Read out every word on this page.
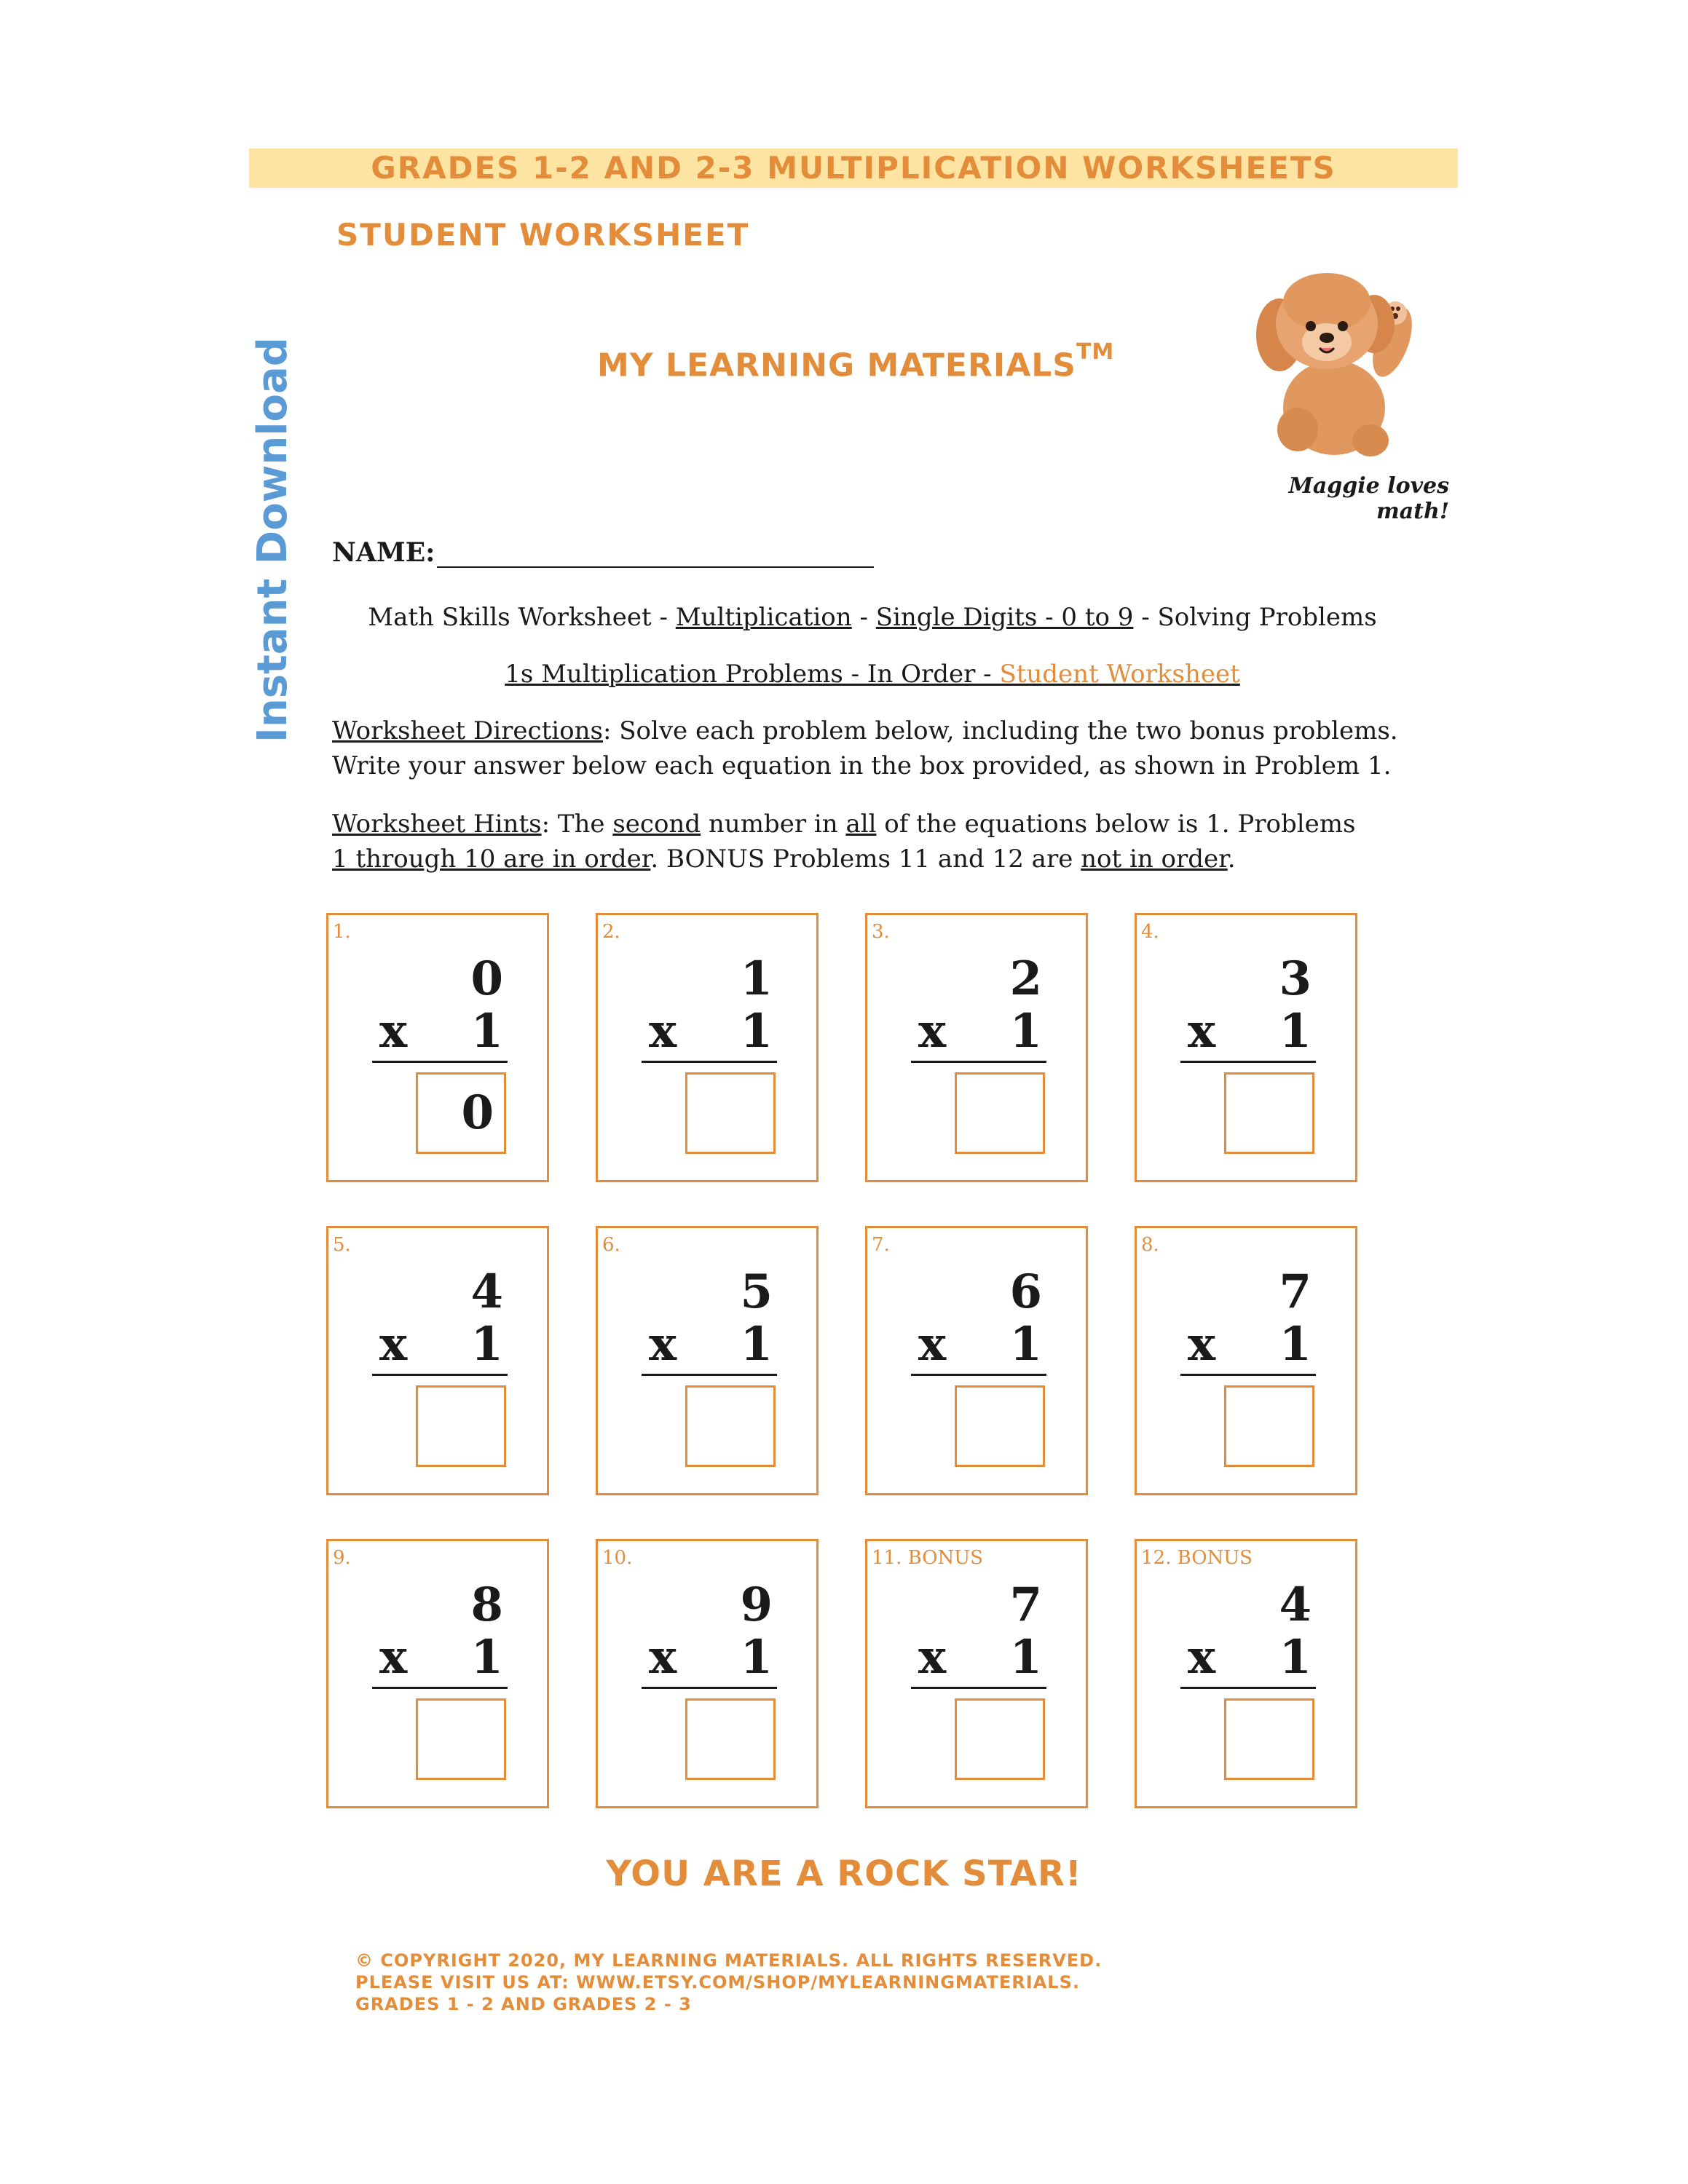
GRADES 1-2 AND 2-3 MULTIPLICATION WORKSHEETS
STUDENT WORKSHEET
MY LEARNING MATERIALS™
Instant Download	Maggie loves math!
NAME:
Math Skills Worksheet - Multiplication - Single Digits - 0 to 9 - Solving Problems
1s Multiplication Problems - In Order - Student Worksheet
Worksheet Directions: Solve each problem below, including the two bonus problems.
Write your answer below each equation in the box provided, as shown in Problem 1.
Worksheet Hints: The second number in all of the equations below is 1. Problems
1 through 10 are in order. BONUS Problems 11 and 12 are not in order.
1.
0
x 1
0
2.
1
x 1
3.
2
x 1
4.
3
x 1
5.
4
x 1
6.
5
x 1
7.
6
x 1
8.
7
x 1
9.
8
x 1
10.
9
x 1
11. BONUS
7
x 1
12. BONUS
4
x 1
YOU ARE A ROCK STAR!
© COPYRIGHT 2020, MY LEARNING MATERIALS. ALL RIGHTS RESERVED.
PLEASE VISIT US AT: WWW.ETSY.COM/SHOP/MYLEARNINGMATERIALS.
GRADES 1 - 2 AND GRADES 2 - 3
